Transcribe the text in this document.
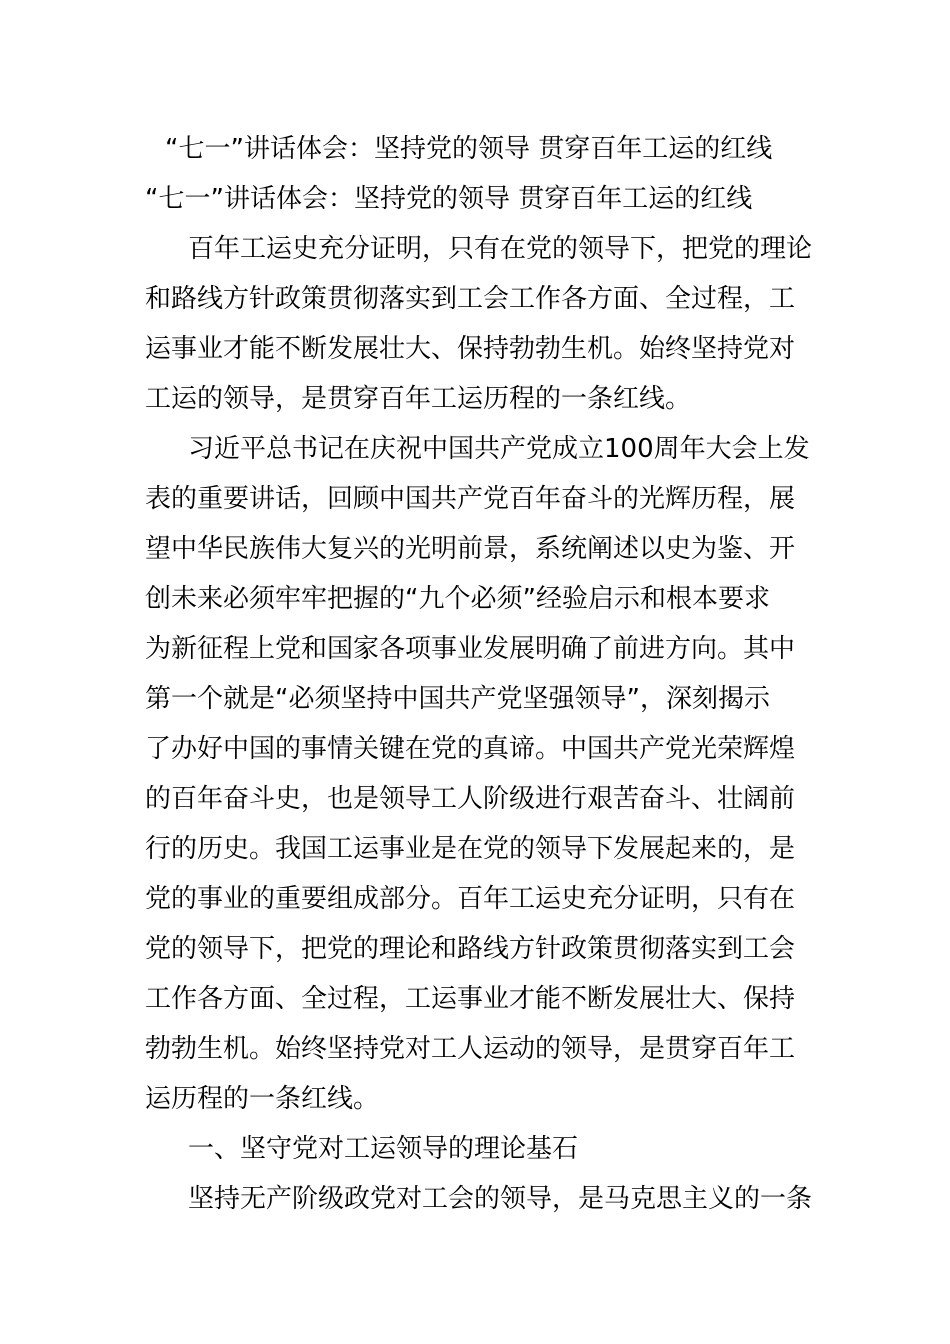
“七一”讲话体会：坚持党的领导 贯穿百年工运的红线
“七一”讲话体会：坚持党的领导 贯穿百年工运的红线
百年工运史充分证明，只有在党的领导下，把党的理论
和路线方针政策贯彻落实到工会工作各方面、全过程，工
运事业才能不断发展壮大、保持勃勃生机。始终坚持党对
工运的领导，是贯穿百年工运历程的一条红线。
习近平总书记在庆祝中国共产党成立100周年大会上发
表的重要讲话，回顾中国共产党百年奋斗的光辉历程，展
望中华民族伟大复兴的光明前景，系统阐述以史为鉴、开
创未来必须牢牢把握的“九个必须”经验启示和根本要求
为新征程上党和国家各项事业发展明确了前进方向。其中
第一个就是“必须坚持中国共产党坚强领导”，深刻揭示
了办好中国的事情关键在党的真谛。中国共产党光荣辉煌
的百年奋斗史，也是领导工人阶级进行艰苦奋斗、壮阔前
行的历史。我国工运事业是在党的领导下发展起来的，是
党的事业的重要组成部分。百年工运史充分证明，只有在
党的领导下，把党的理论和路线方针政策贯彻落实到工会
工作各方面、全过程，工运事业才能不断发展壮大、保持
勃勃生机。始终坚持党对工人运动的领导，是贯穿百年工
运历程的一条红线。
一、坚守党对工运领导的理论基石
坚持无产阶级政党对工会的领导，是马克思主义的一条
